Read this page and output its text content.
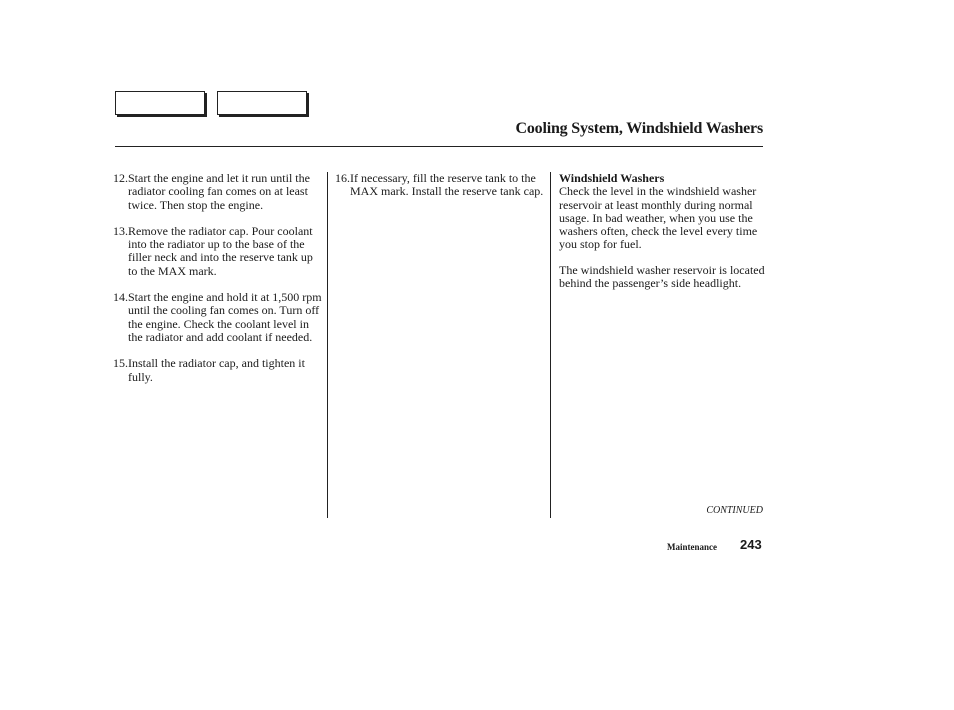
Cooling System, Windshield Washers
12. Start the engine and let it run until the radiator cooling fan comes on at least twice. Then stop the engine.
13. Remove the radiator cap. Pour coolant into the radiator up to the base of the filler neck and into the reserve tank up to the MAX mark.
14. Start the engine and hold it at 1,500 rpm until the cooling fan comes on. Turn off the engine. Check the coolant level in the radiator and add coolant if needed.
15. Install the radiator cap, and tighten it fully.
16. If necessary, fill the reserve tank to the MAX mark. Install the reserve tank cap.
Windshield Washers
Check the level in the windshield washer reservoir at least monthly during normal usage. In bad weather, when you use the washers often, check the level every time you stop for fuel.
The windshield washer reservoir is located behind the passenger’s side headlight.
CONTINUED
Maintenance 243
